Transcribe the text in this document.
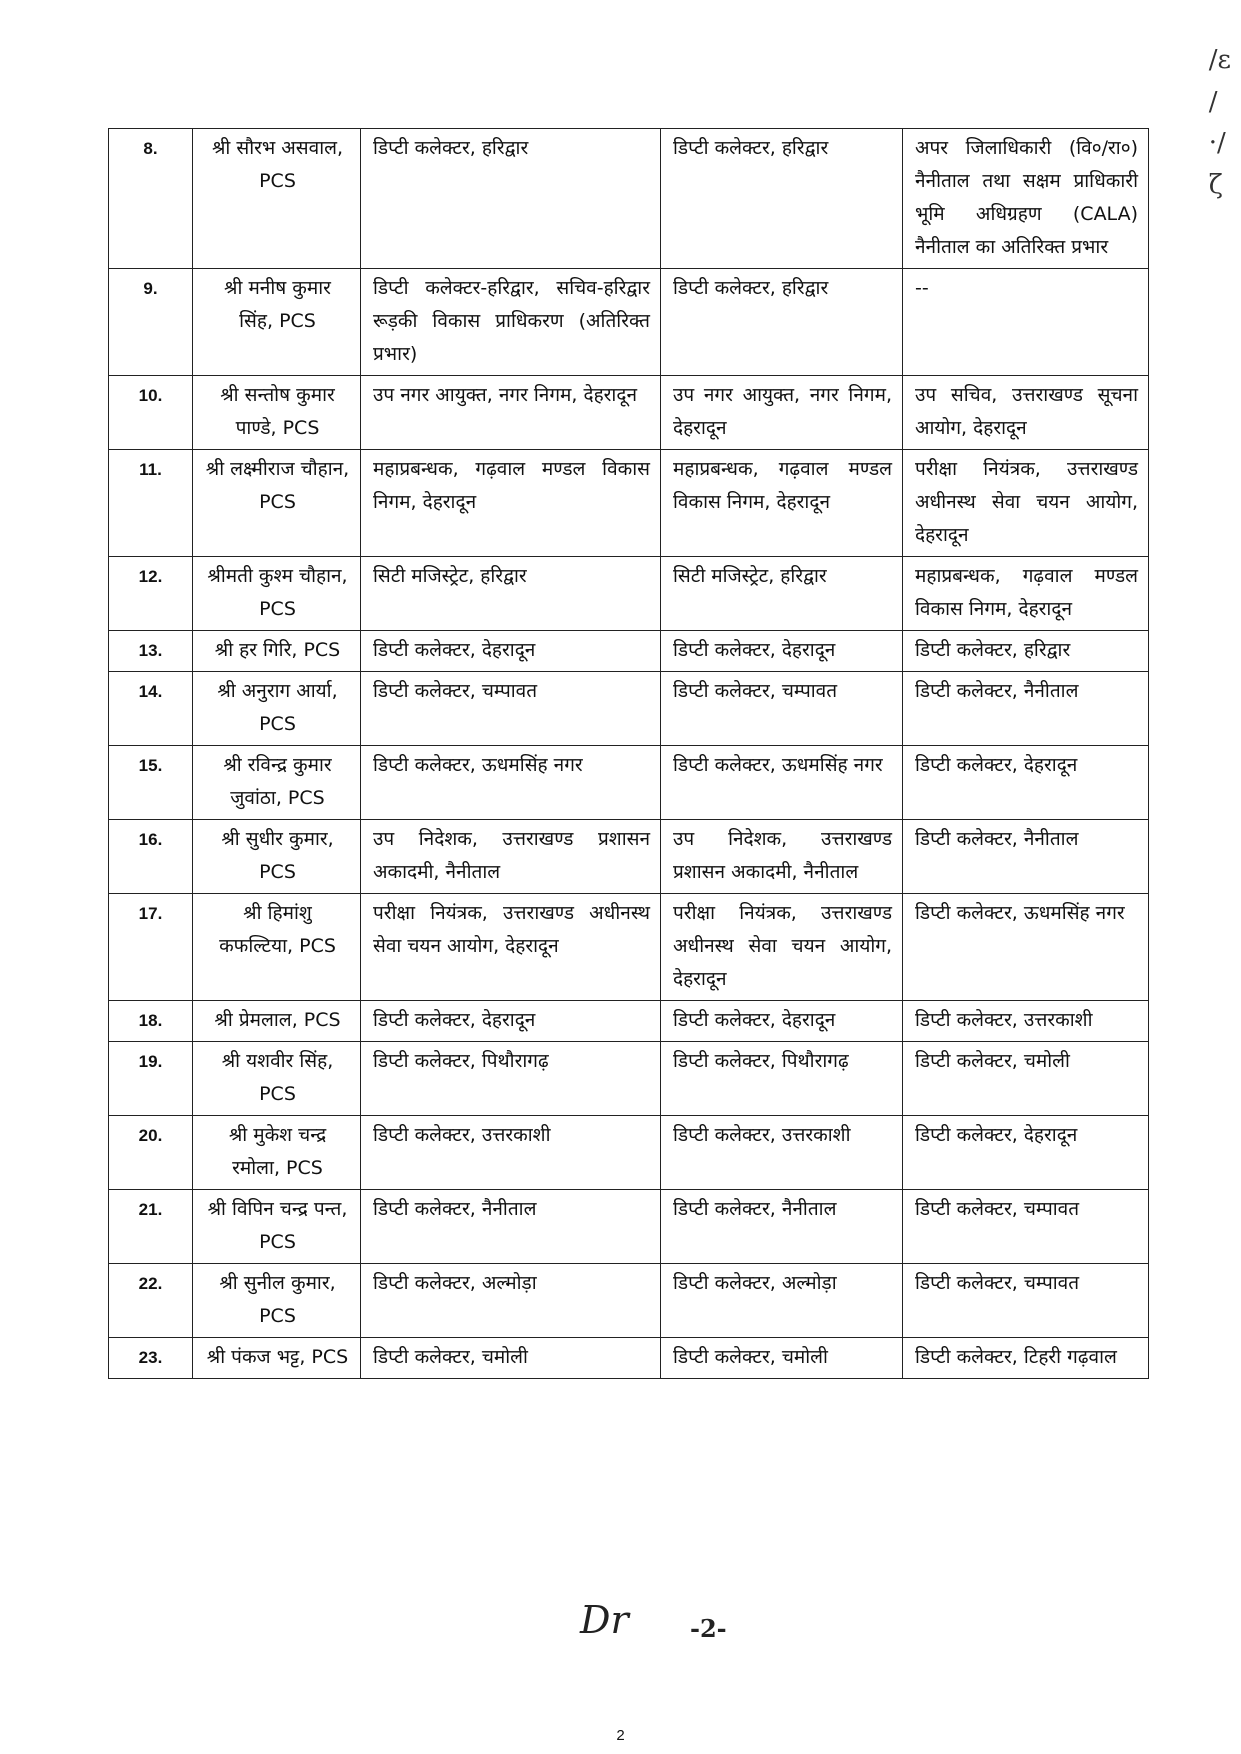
/ε
/
·/
ζ
8.	श्री सौरभ असवाल, PCS	डिप्टी कलेक्टर, हरिद्वार	डिप्टी कलेक्टर, हरिद्वार	अपर जिलाधिकारी (वि०/रा०) नैनीताल तथा सक्षम प्राधिकारी भूमि अधिग्रहण (CALA) नैनीताल का अतिरिक्त प्रभार
9.	श्री मनीष कुमार सिंह, PCS	डिप्टी कलेक्टर-हरिद्वार, सचिव-हरिद्वार रूड़की विकास प्राधिकरण (अतिरिक्त प्रभार)	डिप्टी कलेक्टर, हरिद्वार	--
10.	श्री सन्तोष कुमार पाण्डे, PCS	उप नगर आयुक्त, नगर निगम, देहरादून	उप नगर आयुक्त, नगर निगम, देहरादून	उप सचिव, उत्तराखण्ड सूचना आयोग, देहरादून
11.	श्री लक्ष्मीराज चौहान, PCS	महाप्रबन्धक, गढ़वाल मण्डल विकास निगम, देहरादून	महाप्रबन्धक, गढ़वाल मण्डल विकास निगम, देहरादून	परीक्षा नियंत्रक, उत्तराखण्ड अधीनस्थ सेवा चयन आयोग, देहरादून
12.	श्रीमती कुश्म चौहान, PCS	सिटी मजिस्ट्रेट, हरिद्वार	सिटी मजिस्ट्रेट, हरिद्वार	महाप्रबन्धक, गढ़वाल मण्डल विकास निगम, देहरादून
13.	श्री हर गिरि, PCS	डिप्टी कलेक्टर, देहरादून	डिप्टी कलेक्टर, देहरादून	डिप्टी कलेक्टर, हरिद्वार
14.	श्री अनुराग आर्या, PCS	डिप्टी कलेक्टर, चम्पावत	डिप्टी कलेक्टर, चम्पावत	डिप्टी कलेक्टर, नैनीताल
15.	श्री रविन्द्र कुमार जुवांठा, PCS	डिप्टी कलेक्टर, ऊधमसिंह नगर	डिप्टी कलेक्टर, ऊधमसिंह नगर	डिप्टी कलेक्टर, देहरादून
16.	श्री सुधीर कुमार, PCS	उप निदेशक, उत्तराखण्ड प्रशासन अकादमी, नैनीताल	उप निदेशक, उत्तराखण्ड प्रशासन अकादमी, नैनीताल	डिप्टी कलेक्टर, नैनीताल
17.	श्री हिमांशु कफल्टिया, PCS	परीक्षा नियंत्रक, उत्तराखण्ड अधीनस्थ सेवा चयन आयोग, देहरादून	परीक्षा नियंत्रक, उत्तराखण्ड अधीनस्थ सेवा चयन आयोग, देहरादून	डिप्टी कलेक्टर, ऊधमसिंह नगर
18.	श्री प्रेमलाल, PCS	डिप्टी कलेक्टर, देहरादून	डिप्टी कलेक्टर, देहरादून	डिप्टी कलेक्टर, उत्तरकाशी
19.	श्री यशवीर सिंह, PCS	डिप्टी कलेक्टर, पिथौरागढ़	डिप्टी कलेक्टर, पिथौरागढ़	डिप्टी कलेक्टर, चमोली
20.	श्री मुकेश चन्द्र रमोला, PCS	डिप्टी कलेक्टर, उत्तरकाशी	डिप्टी कलेक्टर, उत्तरकाशी	डिप्टी कलेक्टर, देहरादून
21.	श्री विपिन चन्द्र पन्त, PCS	डिप्टी कलेक्टर, नैनीताल	डिप्टी कलेक्टर, नैनीताल	डिप्टी कलेक्टर, चम्पावत
22.	श्री सुनील कुमार, PCS	डिप्टी कलेक्टर, अल्मोड़ा	डिप्टी कलेक्टर, अल्मोड़ा	डिप्टी कलेक्टर, चम्पावत
23.	श्री पंकज भट्ट, PCS	डिप्टी कलेक्टर, चमोली	डिप्टी कलेक्टर, चमोली	डिप्टी कलेक्टर, टिहरी गढ़वाल
Dr	-2-
2
